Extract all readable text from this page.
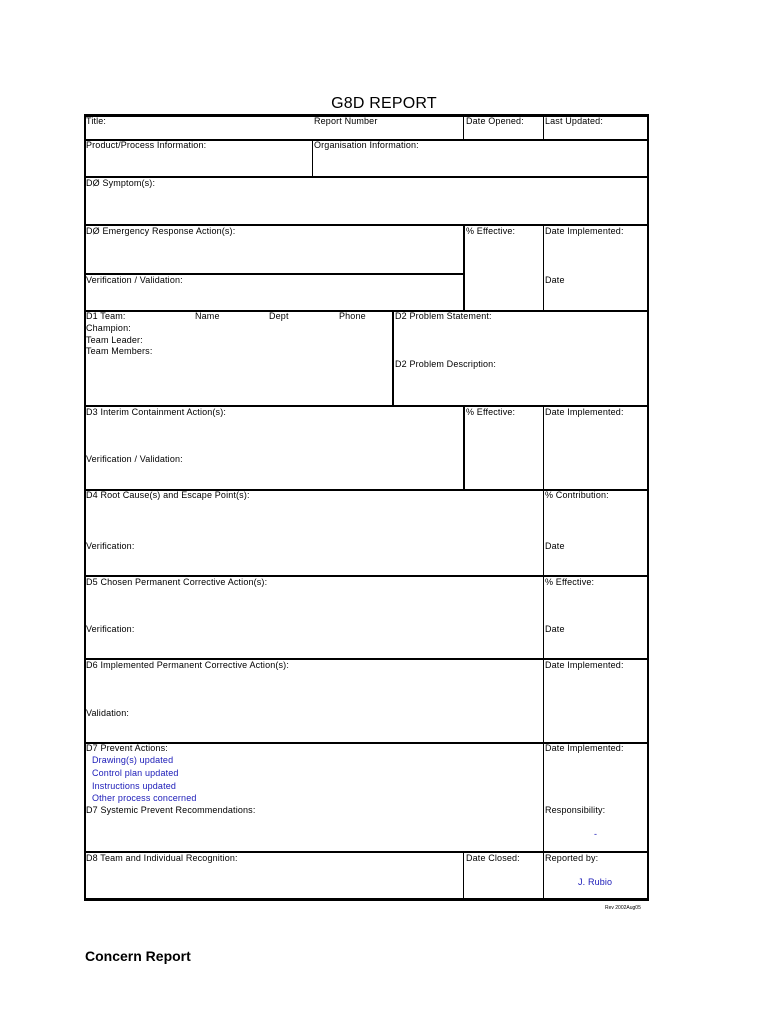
G8D REPORT
Title:	Report Number	Date Opened: Last Updated:
Product/Process Information:	Organisation Information:
DØ Symptom(s):
DØ Emergency Response Action(s):	% Effective:	Date Implemented:
Verification / Validation:	Date
D1 Team:	Name	Dept	Phone
Champion:
Team Leader:
Team Members:
D2 Problem Statement:
D2 Problem Description:
D3 Interim Containment Action(s):	% Effective:	Date Implemented:
Verification / Validation:
D4 Root Cause(s) and Escape Point(s):	% Contribution:
Verification:	Date
D5 Chosen Permanent Corrective Action(s):	% Effective:
Verification:	Date
D6 Implemented Permanent Corrective Action(s):	Date Implemented:
Validation:
D7 Prevent Actions:
Drawing(s) updated
Control plan updated
Instructions updated
Other process concerned
D7 Systemic Prevent Recommendations:
Date Implemented:
Responsibility:
-
D8 Team and Individual Recognition:	Date Closed:	Reported by:
J. Rubio
Rev 2002Aug05
Concern Report
